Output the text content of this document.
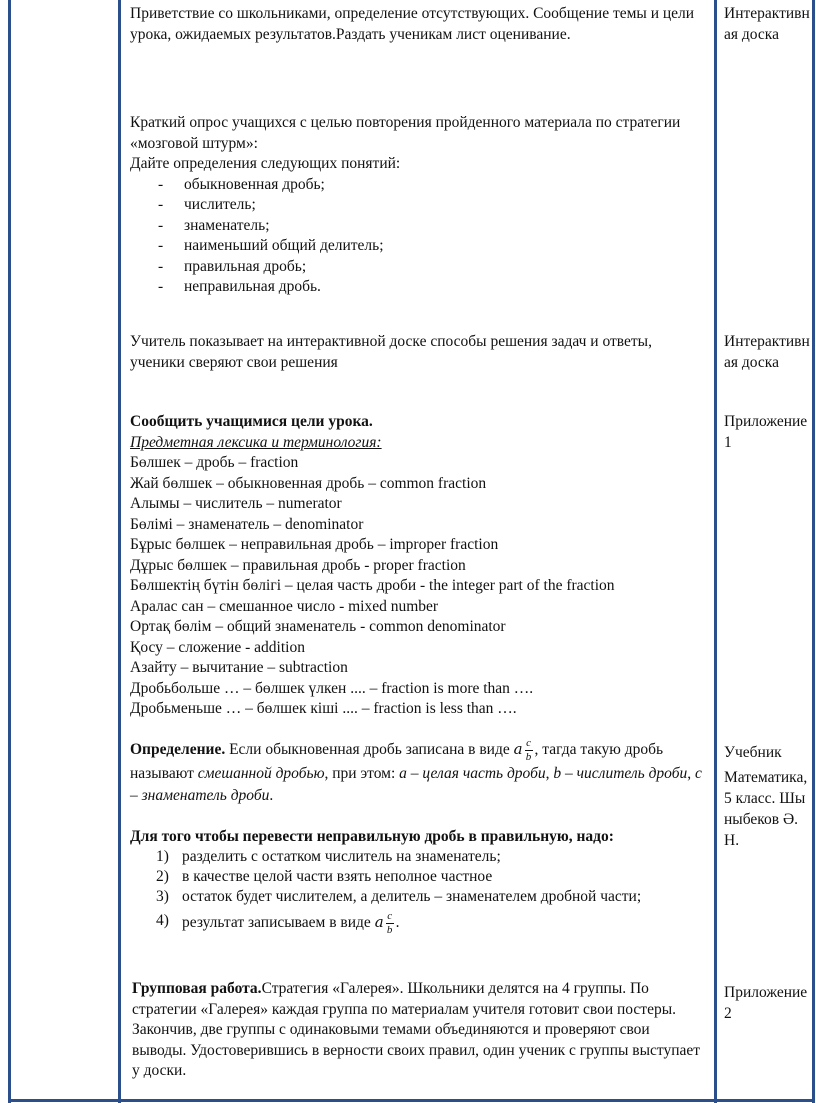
Приветствие со школьниками, определение отсутствующих. Сообщение темы и цели урока, ожидаемых результатов.Раздать ученикам лист оценивание.

Интерактивная доска

Краткий опрос учащихся с целью повторения пройденного материала по стратегии «мозговой штурм»:

Дайте определения следующих понятий:

- обыкновенная дробь;
- числитель;
- знаменатель;
- наименьший общий делитель;
- правильная дробь;
- неправильная дробь.

Учитель показывает на интерактивной доске способы решения задач и ответы, ученики сверяют свои решения

Интерактивная доска

Сообщить учащимися цели урока.

Предметная лексика и терминология:

Бөлшек – дробь – fraction

Жай бөлшек – обыкновенная дробь – common fraction

Алымы – числитель – numerator

Бөлімі – знаменатель – denominator

Бұрыс бөлшек – неправильная дробь – improper fraction

Дұрыс бөлшек – правильная дробь - proper fraction

Бөлшектің бүтін бөлігі – целая часть дроби - the integer part of the fraction

Аралас сан – смешанное число - mixed number

Ортақ бөлім – общий знаменатель - common denominator

Қосу – сложение - addition

Азайту – вычитание – subtraction

Дробьбольше … – бөлшек үлкен .... – fraction is more than ….

Дробьменьше … – бөлшек кіші .... – fraction is less than ….

Приложение 1

Определение. Если обыкновенная дробь записана в виде a $\frac{c}{b}$ , тагда такую дробь называют смешанной дробью, при этом: a – целая часть дроби, b – числитель дроби, c – знаменатель дроби.

Для того чтобы перевести неправильную дробь в правильную, надо:

1) разделить с остатком числитель на знаменатель;
2) в качестве целой части взять неполное частное
3) остаток будет числителем, а делитель – знаменателем дробной части;
4) результат записываем в виде a $\frac{c}{b}$ .

Учебник

Математика, 5 класс. Шыныбеков Ә.Н.

Групповая работа.Стратегия «Галерея». Школьники делятся на 4 группы. По стратегии «Галерея» каждая группа по материалам учителя готовит свои постеры. Закончив, две группы с одинаковыми темами объединяются и проверяют свои выводы. Удостоверившись в верности своих правил, один ученик с группы выступает у доски.

Приложение 2
